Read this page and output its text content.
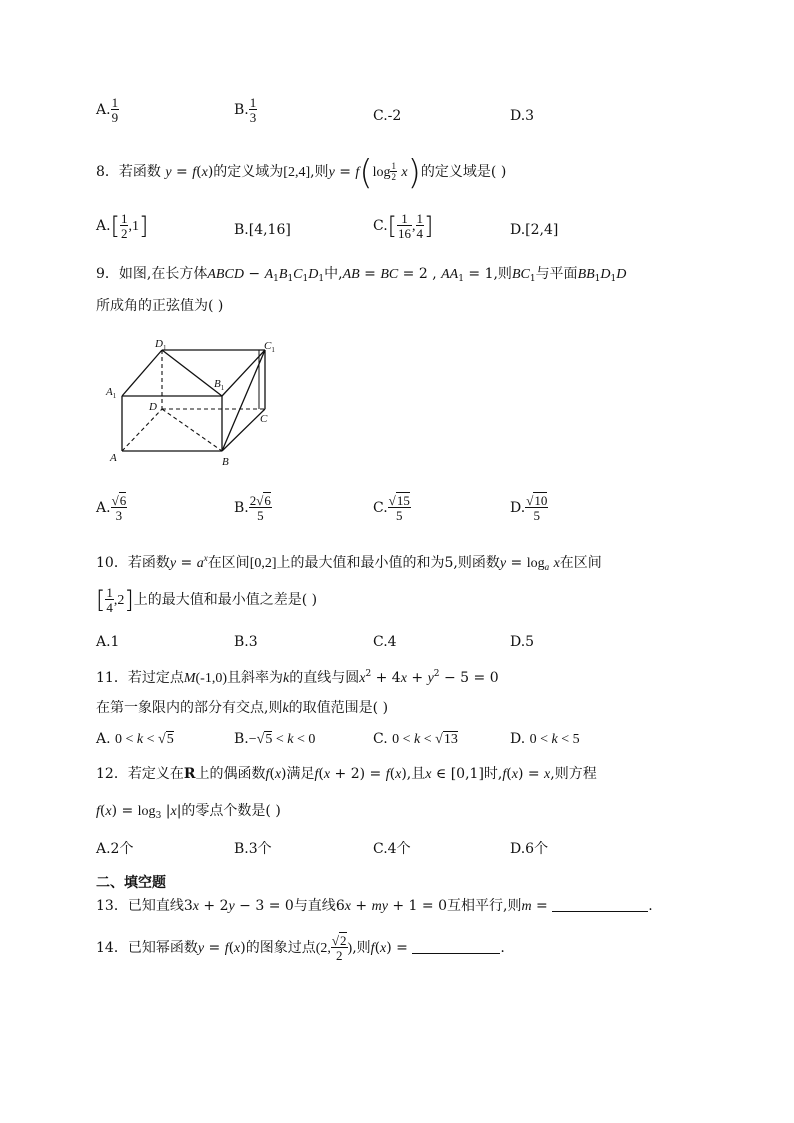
A. $\frac{1}{9}$	B. $\frac{1}{3}$	C.-2	D.3
8．若函数 y = f(x)的定义域为[2,4],则$y = f(\log \frac{1}{2} x)$的定义域是( )
$A.[ \frac{1}{2} ,1]$	B.[4,16]	$C.[ \frac{1}{16}$ , $\frac{1}{4}$ ]	D.[2,4]
9．如图,在长方体ABCD − $A_1B_1C_1D_1$中,AB = BC = 2 , $AA_1 = 1$,则$BC_1$与平面$BB_1D_1D$
所成角的正弦值为( )
$D_1$	$C_1$
$A_1$
$B_1$
D
C
A	B
A. $\frac{√6}{3}$	B. $\frac{2√6}{5}$	C. $\frac{√15}{5}$	D. $\frac{√10}{5}$
10．若函数$y = a^x$在区间[0,2]上的最大值和最小值的和为5,则函数$y = \log_a x$在区间
[ $\frac{1}{4} ,2$]上的最大值和最小值之差是( )
A.1	B.3	C.4	D.5
11．若过定点M(-1,0)且斜率为k的直线与圆$x^2 + 4x + y^2 - 5 = 0$
在第一象限内的部分有交点,则k的取值范围是( )
A. 0 < k < √5	B.−√5 < k < 0	C. 0 < k < √13	D. 0 < k < 5
12．若定义在R上的偶函数f(x)满足f(x + 2) = f(x),且x ∈ [0,1]时,f(x) = x,则方程
$f(x) = \log_3 |x|$的零点个数是( )
A.2个	B.3个	C.4个	D.6个
二、填空题
13．已知直线3x + 2y − 3 = 0与直线6x + my + 1 = 0互相平行,则m =	.
14．已知幂函数y = f(x)的图象过点(2, $\frac{√2}{2}$ ),则f(x) =	.
